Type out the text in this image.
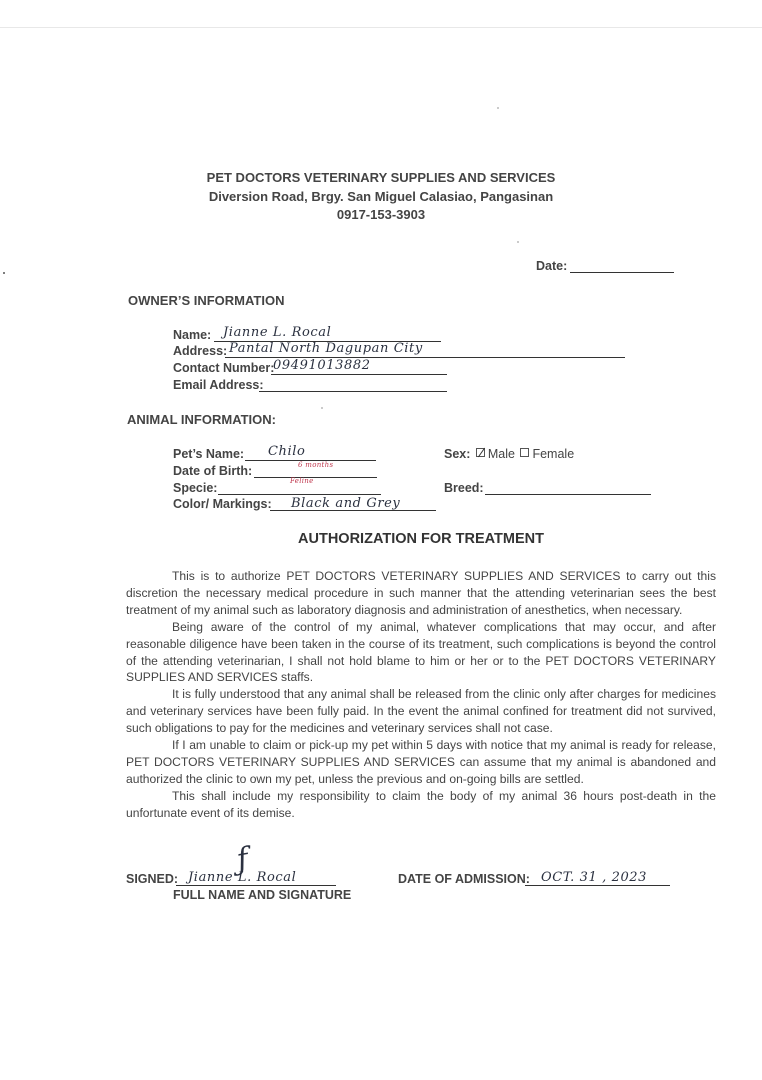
PET DOCTORS VETERINARY SUPPLIES AND SERVICES
Diversion Road, Brgy. San Miguel Calasiao, Pangasinan
0917-153-3903
Date:
OWNER’S INFORMATION
Name: Jianne L. Rocal
Address: Pantal North Dagupan City
Contact Number:
09491013882
Email Address:
ANIMAL INFORMATION:
Pet’s Name: Chilo
Date of Birth:	6 months
Specie:	Feline
Color/ Markings: Black and Grey
Sex: Male Female
Breed:
AUTHORIZATION FOR TREATMENT

This is to authorize PET DOCTORS VETERINARY SUPPLIES AND SERVICES to carry out this discretion the necessary medical procedure in such manner that the attending veterinarian sees the best treatment of my animal such as laboratory diagnosis and administration of anesthetics, when necessary.

Being aware of the control of my animal, whatever complications that may occur, and after reasonable diligence have been taken in the course of its treatment, such complications is beyond the control of the attending veterinarian, I shall not hold blame to him or her or to the PET DOCTORS VETERINARY SUPPLIES AND SERVICES staffs.

It is fully understood that any animal shall be released from the clinic only after charges for medicines and veterinary services have been fully paid. In the event the animal confined for treatment did not survived, such obligations to pay for the medicines and veterinary services shall not case.

If I am unable to claim or pick-up my pet within 5 days with notice that my animal is ready for release, PET DOCTORS VETERINARY SUPPLIES AND SERVICES can assume that my animal is abandoned and authorized the clinic to own my pet, unless the previous and on-going bills are settled.

This shall include my responsibility to claim the body of my animal 36 hours post-death in the unfortunate event of its demise.

SIGNED: Jianne L. Rocal
ƒ
FULL NAME AND SIGNATURE
DATE OF ADMISSION: OCT. 31 , 2023
